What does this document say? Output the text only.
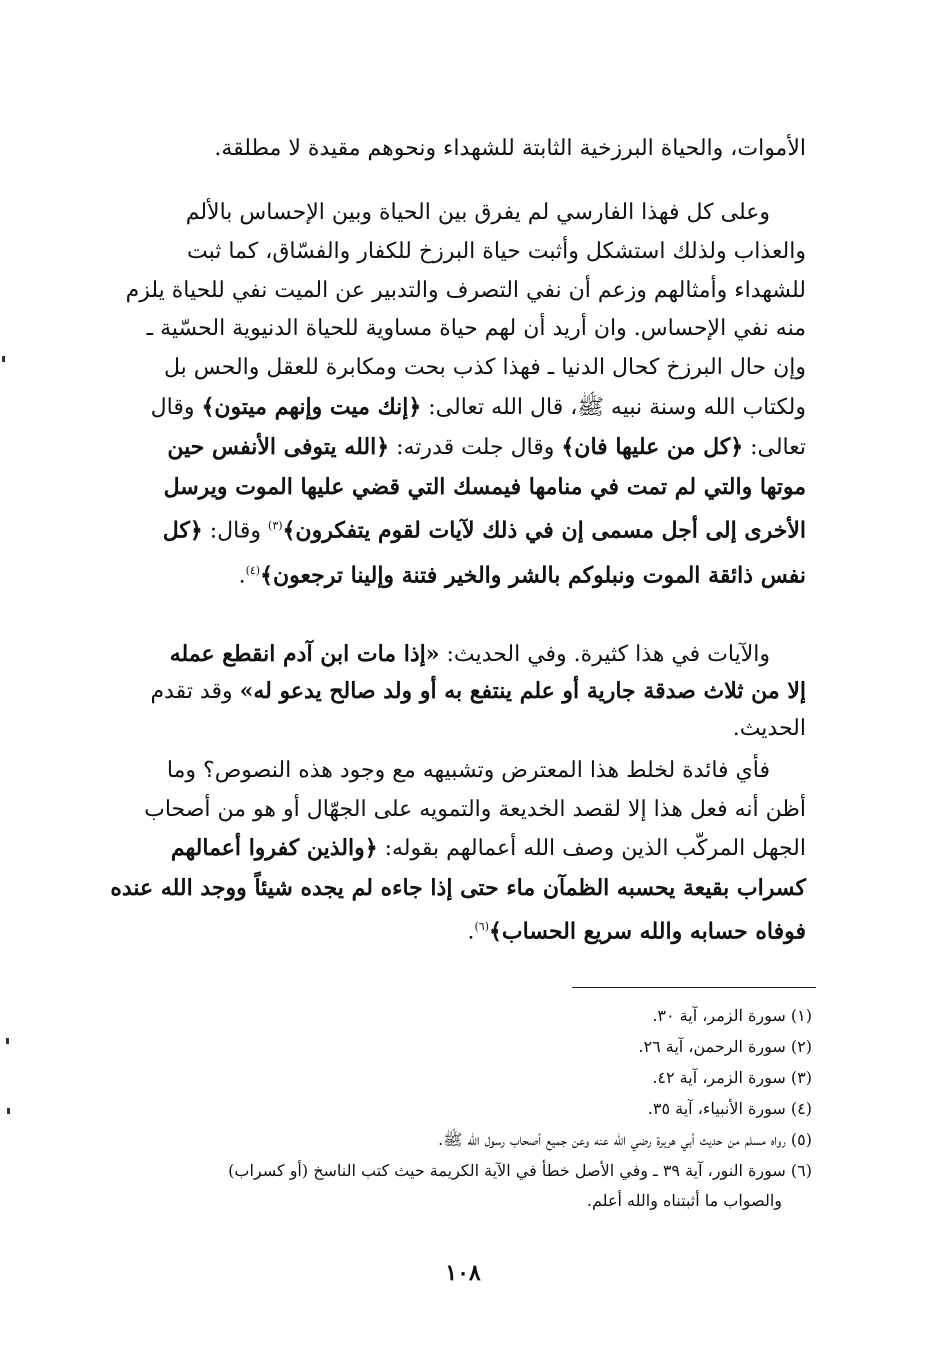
الأموات، والحياة البرزخية الثابتة للشهداء ونحوهم مقيدة لا مطلقة.
وعلى كل فهذا الفارسي لم يفرق بين الحياة وبين الإحساس بالألم
والعذاب ولذلك استشكل وأثبت حياة البرزخ للكفار والفسّاق، كما ثبت
للشهداء وأمثالهم وزعم أن نفي التصرف والتدبير عن الميت نفي للحياة يلزم
منه نفي الإحساس. وان أريد أن لهم حياة مساوية للحياة الدنيوية الحسّية ـ
وإن حال البرزخ كحال الدنيا ـ فهذا كذب بحت ومكابرة للعقل والحس بل
ولكتاب الله وسنة نبيه ﷺ، قال الله تعالى: ﴿إنك ميت وإنهم ميتون﴾ وقال
تعالى: ﴿كل من عليها فان﴾ وقال جلت قدرته: ﴿الله يتوفى الأنفس حين
موتها والتي لم تمت في منامها فيمسك التي قضي عليها الموت ويرسل
الأخرى إلى أجل مسمى إن في ذلك لآيات لقوم يتفكرون﴾$^{(٣)}$ وقال: ﴿كل
نفس ذائقة الموت ونبلوكم بالشر والخير فتنة وإلينا ترجعون﴾$^{(٤)}$.
والآيات في هذا كثيرة. وفي الحديث: «إذا مات ابن آدم انقطع عمله
إلا من ثلاث صدقة جارية أو علم ينتفع به أو ولد صالح يدعو له» وقد تقدم
الحديث.
فأي فائدة لخلط هذا المعترض وتشبيهه مع وجود هذه النصوص؟ وما
أظن أنه فعل هذا إلا لقصد الخديعة والتمويه على الجهّال أو هو من أصحاب
الجهل المركّب الذين وصف الله أعمالهم بقوله: ﴿والذين كفروا أعمالهم
كسراب بقيعة يحسبه الظمآن ماء حتى إذا جاءه لم يجده شيئاً ووجد الله عنده
فوفاه حسابه والله سريع الحساب﴾$^{(٦)}$.
(١) سورة الزمر، آية ٣٠.
(٢) سورة الرحمن، آية ٢٦.
(٣) سورة الزمر، آية ٤٢.
(٤) سورة الأنبياء، آية ٣٥.
(٥) رواه مسلم من حديث أبي هريرة رضي الله عنه وعن جميع أصحاب رسول الله ﷺ.
(٦) سورة النور، آية ٣٩ ـ وفي الأصل خطأ في الآية الكريمة حيث كتب الناسخ (أو كسراب)
والصواب ما أثبتناه والله أعلم.
١٠٨
